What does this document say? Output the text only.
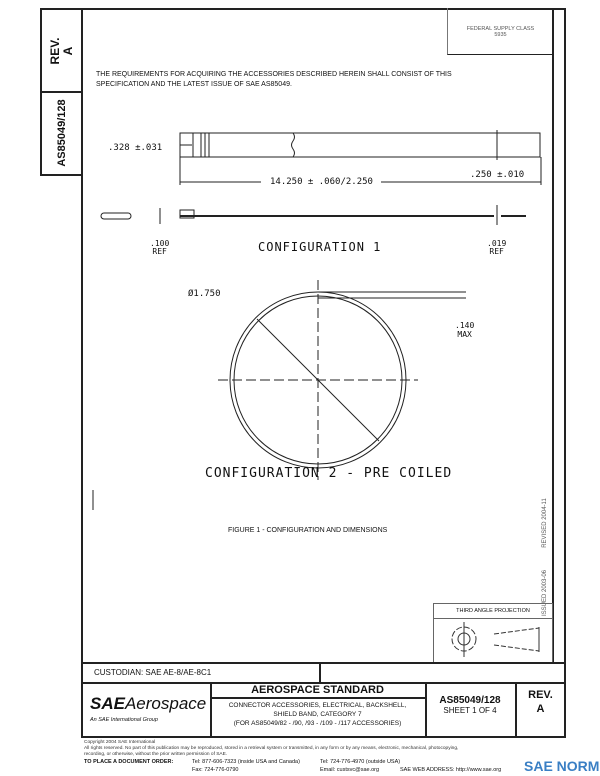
REV.
A
AS85049/128
FEDERAL SUPPLY CLASS
5935
THE REQUIREMENTS FOR ACQUIRING THE ACCESSORIES DESCRIBED HEREIN SHALL CONSIST OF THIS
SPECIFICATION AND THE LATEST ISSUE OF SAE AS85049.
.328 ±.031
14.250 ± .060/2.250
.250 ±.010
.100
REF
.019
REF
CONFIGURATION 1
Ø1.750
.140
MAX
CONFIGURATION 2 - PRE COILED
FIGURE 1 - CONFIGURATION AND DIMENSIONS	REVISED 2004-11
ISSUED 2003-06
THIRD ANGLE PROJECTION
CUSTODIAN: SAE AE-8/AE-8C1
SAEAerospace
An SAE International Group
AEROSPACE STANDARD
CONNECTOR ACCESSORIES, ELECTRICAL, BACKSHELL,
SHIELD BAND, CATEGORY 7
(FOR AS85049/82 - /90, /93 - /109 - /117 ACCESSORIES)
AS85049/128
SHEET 1 OF 4
REV.
A
Copyright 2004 SAE International
All rights reserved. No part of this publication may be reproduced, stored in a retrieval system or transmitted, in any form or by any means, electronic, mechanical, photocopying,
recording, or otherwise, without the prior written permission of SAE.
TO PLACE A DOCUMENT ORDER:	Tel: 877-606-7323 (inside USA and Canada)
Fax: 724-776-0790
Tel: 724-776-4970 (outside USA)
Email: custsvc@sae.org	SAE WEB ADDRESS: http://www.sae.org SAE NORM
